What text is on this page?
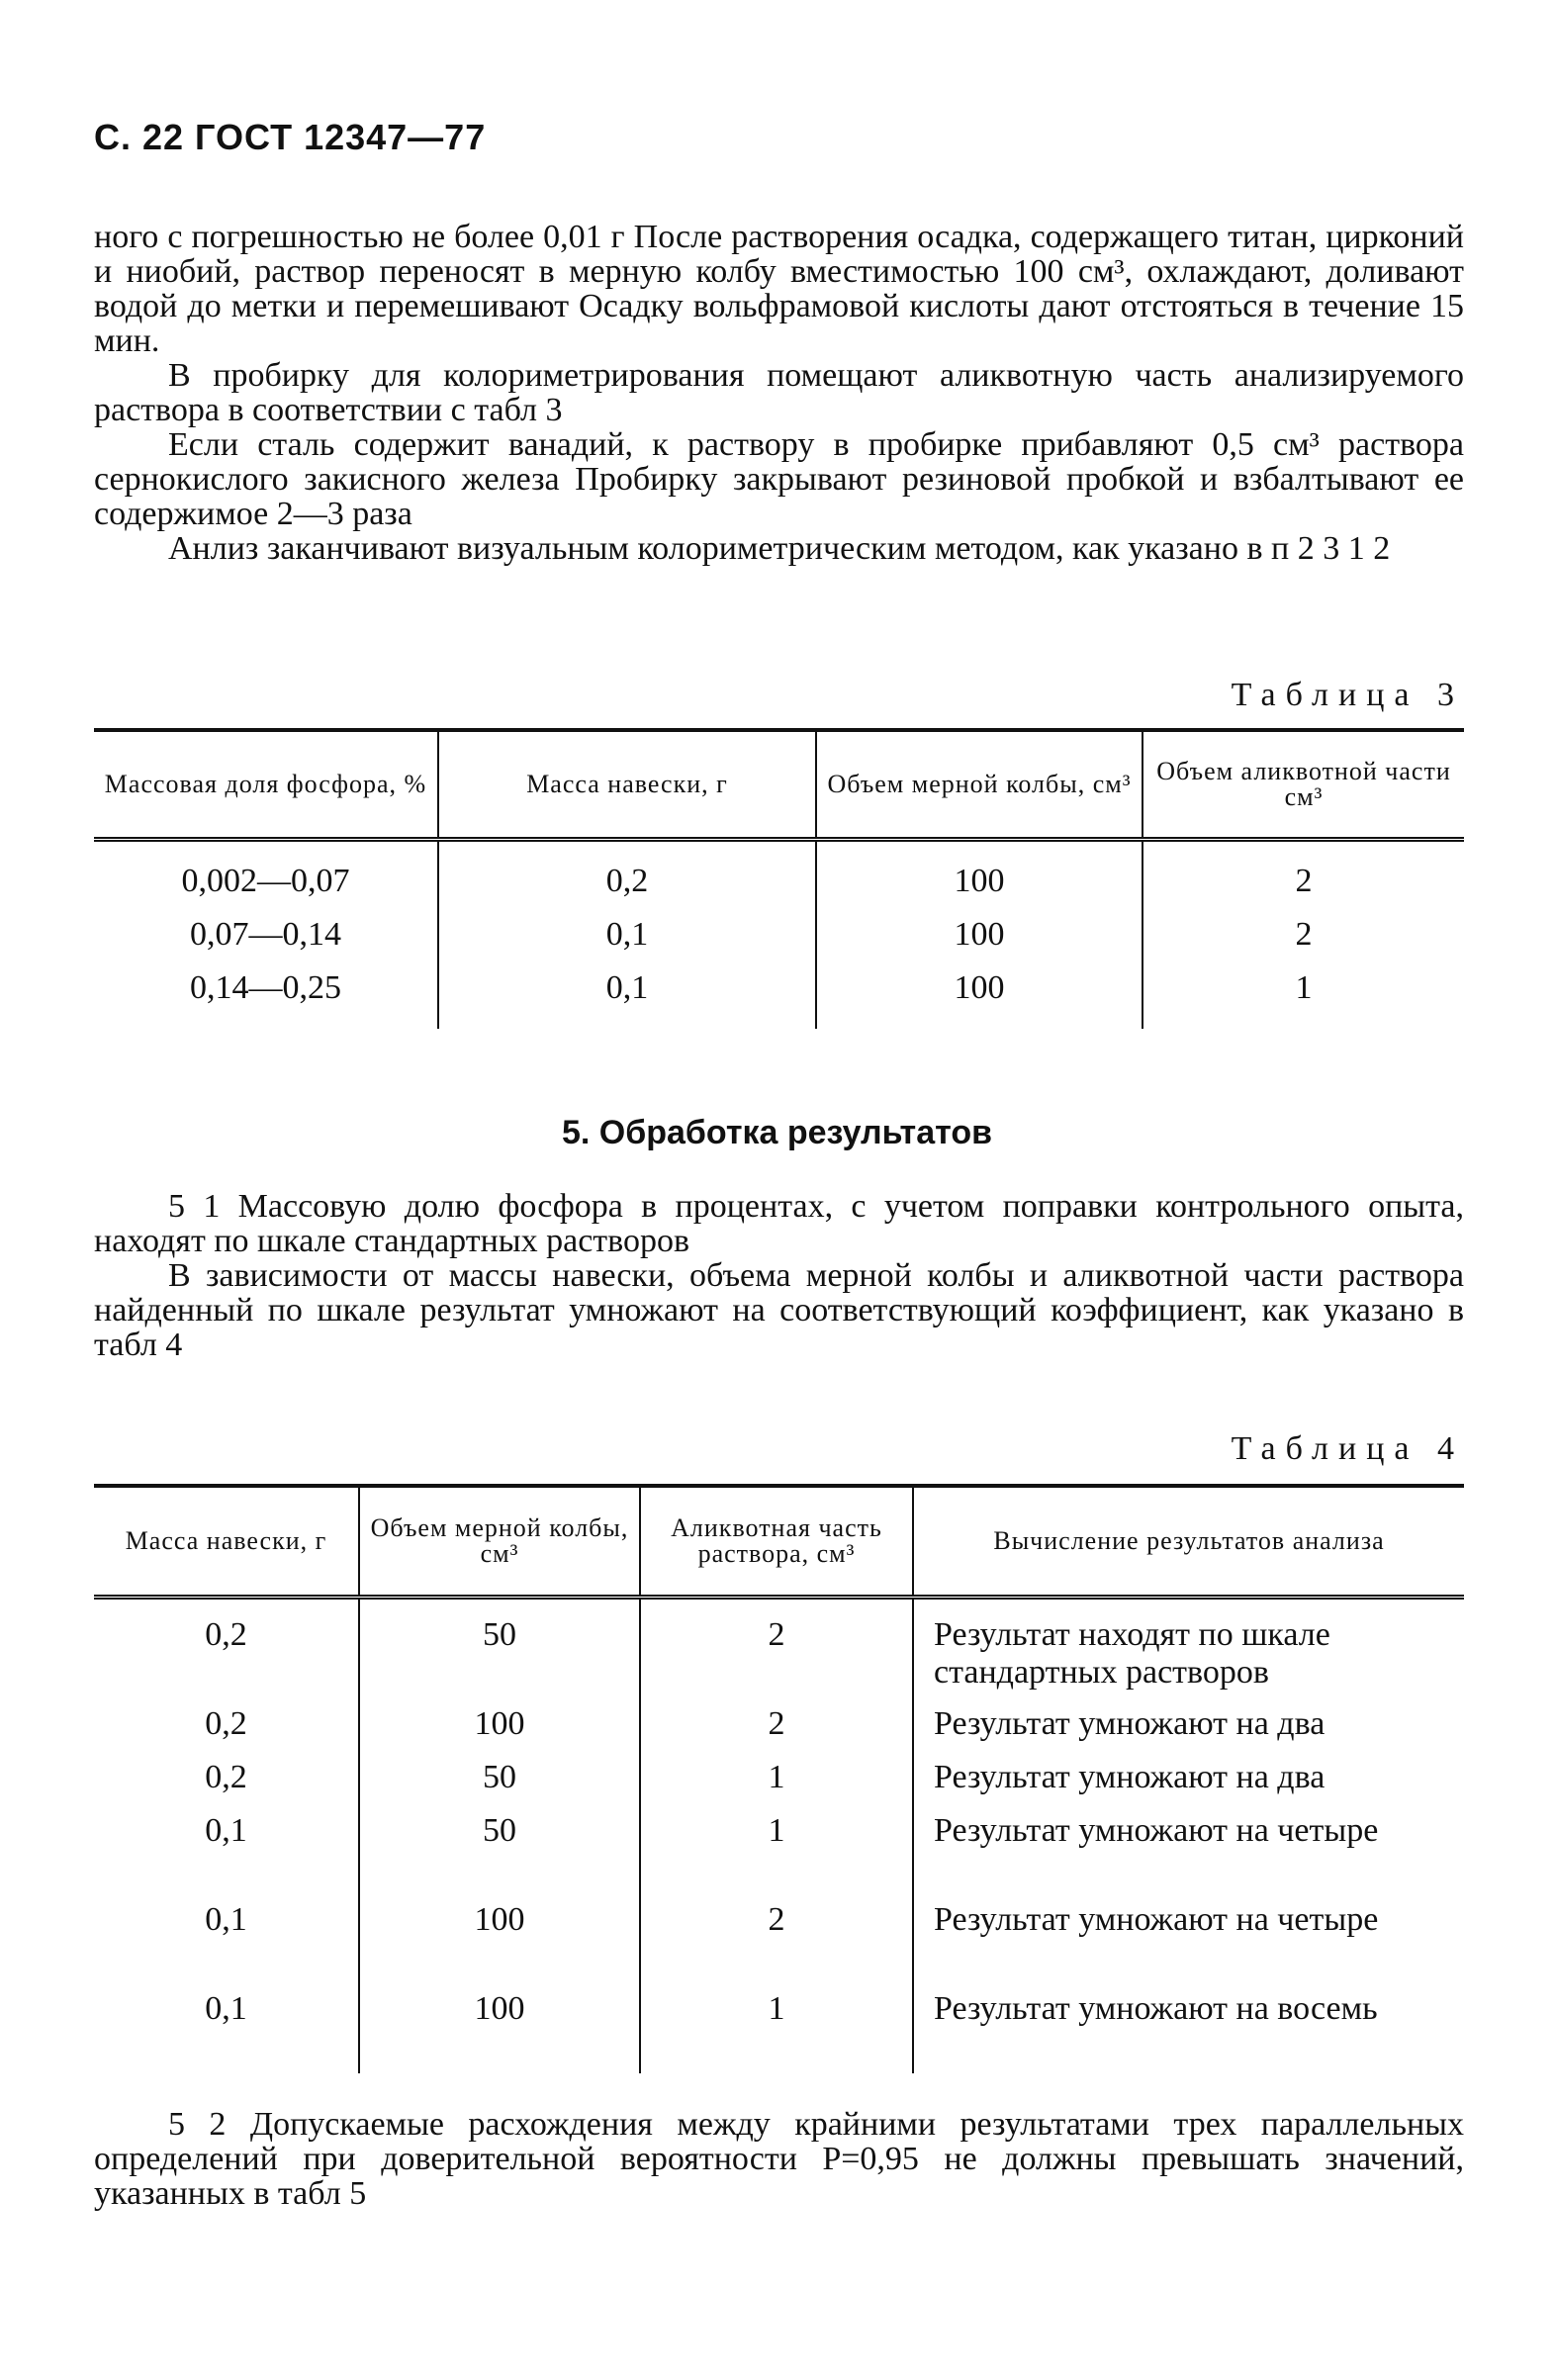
С. 22 ГОСТ 12347—77

ного с погрешностью не более 0,01 г После растворения осадка, содержащего титан, цирконий и ниобий, раствор переносят в мерную колбу вместимостью 100 см³, охлаждают, доливают водой до метки и перемешивают Осадку вольфрамовой кислоты дают отстояться в течение 15 мин.

В пробирку для колориметрирования помещают аликвотную часть анализируемого раствора в соответствии с табл 3

Если сталь содержит ванадий, к раствору в пробирке прибавляют 0,5 см³ раствора сернокислого закисного железа Пробирку закрывают резиновой пробкой и взбалтывают ее содержимое 2—3 раза

Анлиз заканчивают визуальным колориметрическим методом, как указано в п 2 3 1 2

Таблица 3
Массовая доля фосфора, %	Масса навески, г	Объем мерной колбы, см³	Объем аликвотной части см³

0,002—0,07	0,2	100	2
0,07—0,14	0,1	100	2
0,14—0,25	0,1	100	1
5. Обработка результатов

5 1 Массовую долю фосфора в процентах, с учетом поправки контрольного опыта, находят по шкале стандартных растворов

В зависимости от массы навески, объема мерной колбы и аликвотной части раствора найденный по шкале результат умножают на соответствующий коэффициент, как указано в табл 4

Таблица 4
Масса навески, г	Объем мерной колбы, см³	Аликвотная часть раствора, см³	Вычисление результатов анализа

0,2	50	2	Результат находят по шкале стандартных растворов
0,2	100	2	Результат умножают на два
0,2	50	1	Результат умножают на два
0,1	50	1	Результат умножают на четыре
0,1	100	2	Результат умножают на четыре
0,1	100	1	Результат умножают на восемь

5 2 Допускаемые расхождения между крайними результатами трех параллельных определений при доверительной вероятности P=0,95 не должны превышать значений, указанных в табл 5
